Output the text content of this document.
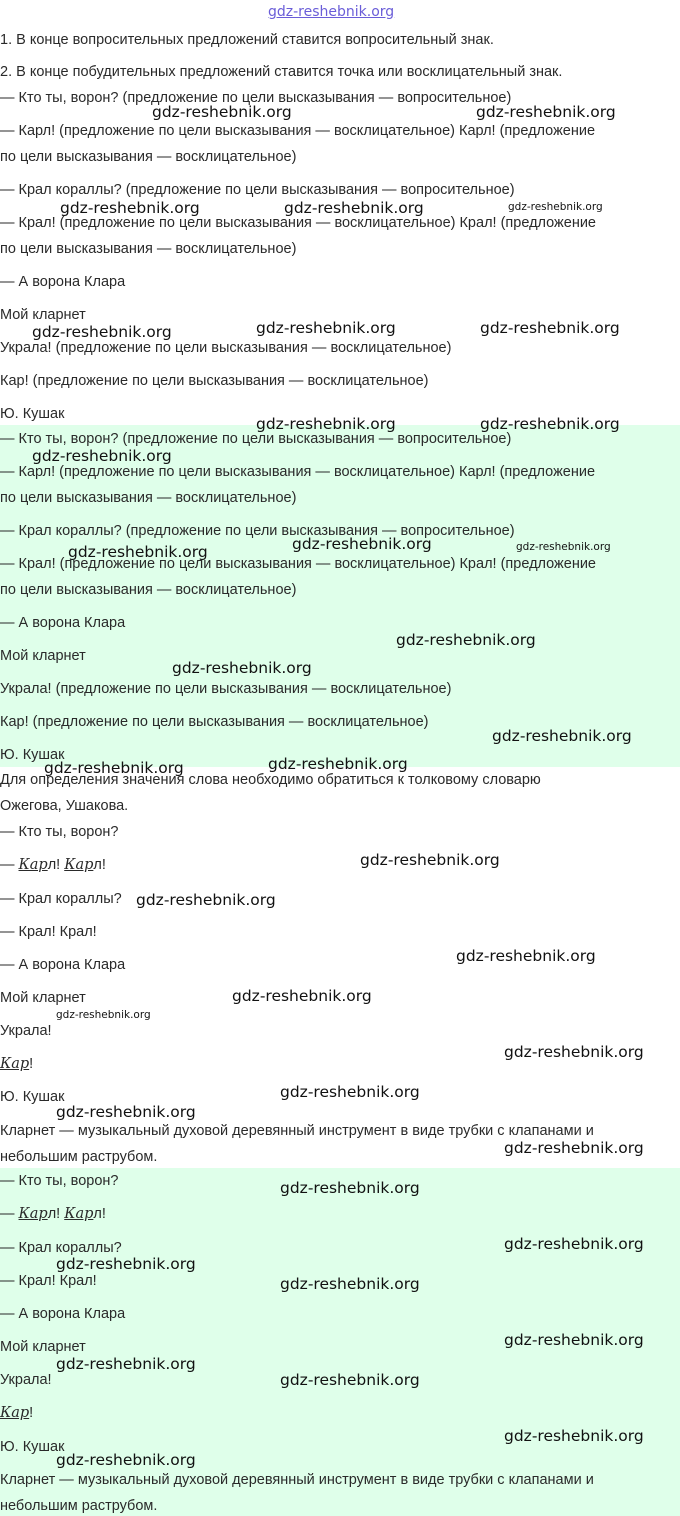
gdz-reshebnik.org
1. В конце вопросительных предложений ставится вопросительный знак.
2. В конце побудительных предложений ставится точка или восклицательный знак.
— Кто ты, ворон? (предложение по цели высказывания — вопросительное)
— Карл! (предложение по цели высказывания — восклицательное) Карл! (предложение
по цели высказывания — восклицательное)
— Крал кораллы? (предложение по цели высказывания — вопросительное)
— Крал! (предложение по цели высказывания — восклицательное) Крал! (предложение
по цели высказывания — восклицательное)
— А ворона Клара
Мой кларнет
Украла! (предложение по цели высказывания — восклицательное)
Кар! (предложение по цели высказывания — восклицательное)
Ю. Кушак
— Кто ты, ворон? (предложение по цели высказывания — вопросительное)
— Карл! (предложение по цели высказывания — восклицательное) Карл! (предложение
по цели высказывания — восклицательное)
— Крал кораллы? (предложение по цели высказывания — вопросительное)
— Крал! (предложение по цели высказывания — восклицательное) Крал! (предложение
по цели высказывания — восклицательное)
— А ворона Клара
Мой кларнет
Украла! (предложение по цели высказывания — восклицательное)
Кар! (предложение по цели высказывания — восклицательное)
Ю. Кушак
Для определения значения слова необходимо обратиться к толковому словарю
Ожегова, Ушакова.
— Кто ты, ворон?
— Карл! Карл!
— Крал кораллы?
— Крал! Крал!
— А ворона Клара
Мой кларнет
Украла!
Кар!
Ю. Кушак
Кларнет — музыкальный духовой деревянный инструмент в виде трубки с клапанами и
небольшим раструбом.
— Кто ты, ворон?
— Карл! Карл!
— Крал кораллы?
— Крал! Крал!
— А ворона Клара
Мой кларнет
Украла!
Кар!
Ю. Кушак
Кларнет — музыкальный духовой деревянный инструмент в виде трубки с клапанами и
небольшим раструбом.
gdz-reshebnik.org	gdz-reshebnik.org
gdz-reshebnik.org	gdz-reshebnik.org	gdz-reshebnik.org
gdz-reshebnik.org	gdz-reshebnik.org	gdz-reshebnik.org
gdz-reshebnik.org	gdz-reshebnik.org
gdz-reshebnik.org
gdz-reshebnik.org	gdz-reshebnik.org
gdz-reshebnik.org
gdz-reshebnik.org
gdz-reshebnik.org
gdz-reshebnik.org
gdz-reshebnik.org	gdz-reshebnik.org
gdz-reshebnik.org
gdz-reshebnik.org
gdz-reshebnik.org
gdz-reshebnik.org
gdz-reshebnik.org
gdz-reshebnik.org
gdz-reshebnik.org
gdz-reshebnik.org
gdz-reshebnik.org
gdz-reshebnik.org
gdz-reshebnik.org
gdz-reshebnik.org
gdz-reshebnik.org
gdz-reshebnik.org
gdz-reshebnik.org
gdz-reshebnik.org
gdz-reshebnik.org
gdz-reshebnik.org
